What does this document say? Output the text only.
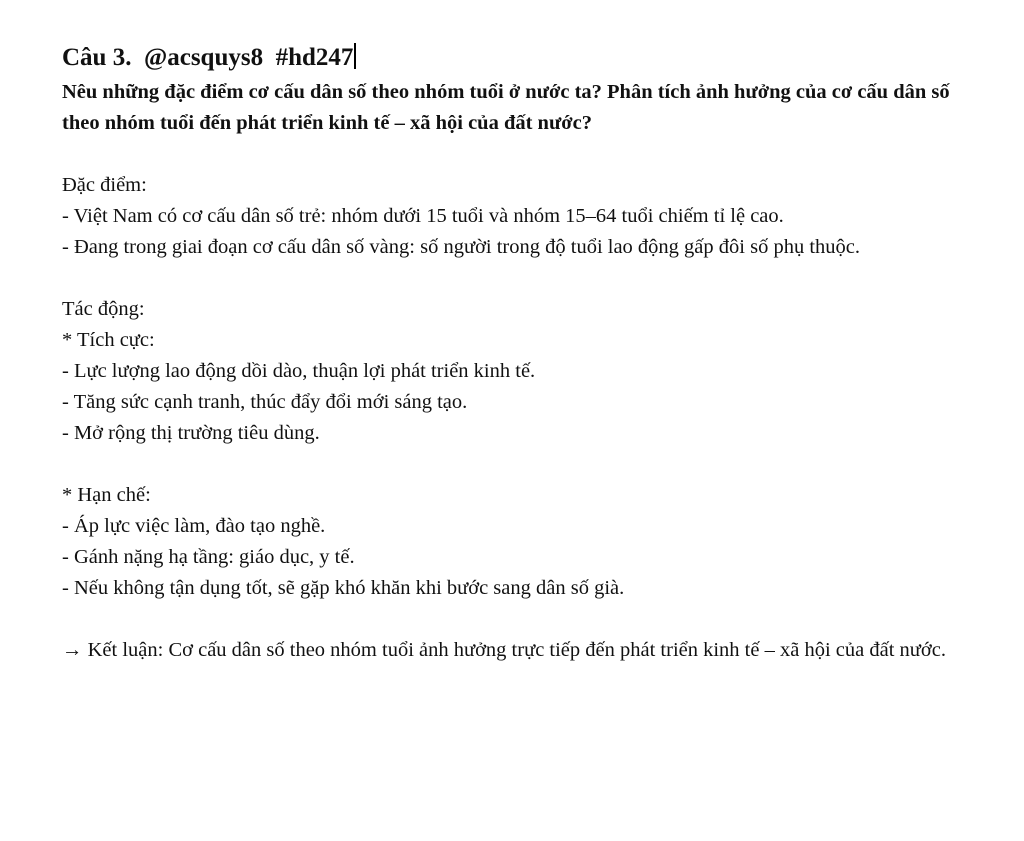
Câu 3. @acsquys8 #hd247

Nêu những đặc điểm cơ cấu dân số theo nhóm tuổi ở nước ta? Phân tích ảnh hưởng của cơ cấu dân số theo nhóm tuổi đến phát triển kinh tế – xã hội của đất nước?

Đặc điểm:

- Việt Nam có cơ cấu dân số trẻ: nhóm dưới 15 tuổi và nhóm 15–64 tuổi chiếm tỉ lệ cao.

- Đang trong giai đoạn cơ cấu dân số vàng: số người trong độ tuổi lao động gấp đôi số phụ thuộc.

Tác động:

* Tích cực:

- Lực lượng lao động dồi dào, thuận lợi phát triển kinh tế.

- Tăng sức cạnh tranh, thúc đẩy đổi mới sáng tạo.

- Mở rộng thị trường tiêu dùng.

* Hạn chế:

- Áp lực việc làm, đào tạo nghề.

- Gánh nặng hạ tầng: giáo dục, y tế.

- Nếu không tận dụng tốt, sẽ gặp khó khăn khi bước sang dân số già.

→ Kết luận: Cơ cấu dân số theo nhóm tuổi ảnh hưởng trực tiếp đến phát triển kinh tế – xã hội của đất nước.
